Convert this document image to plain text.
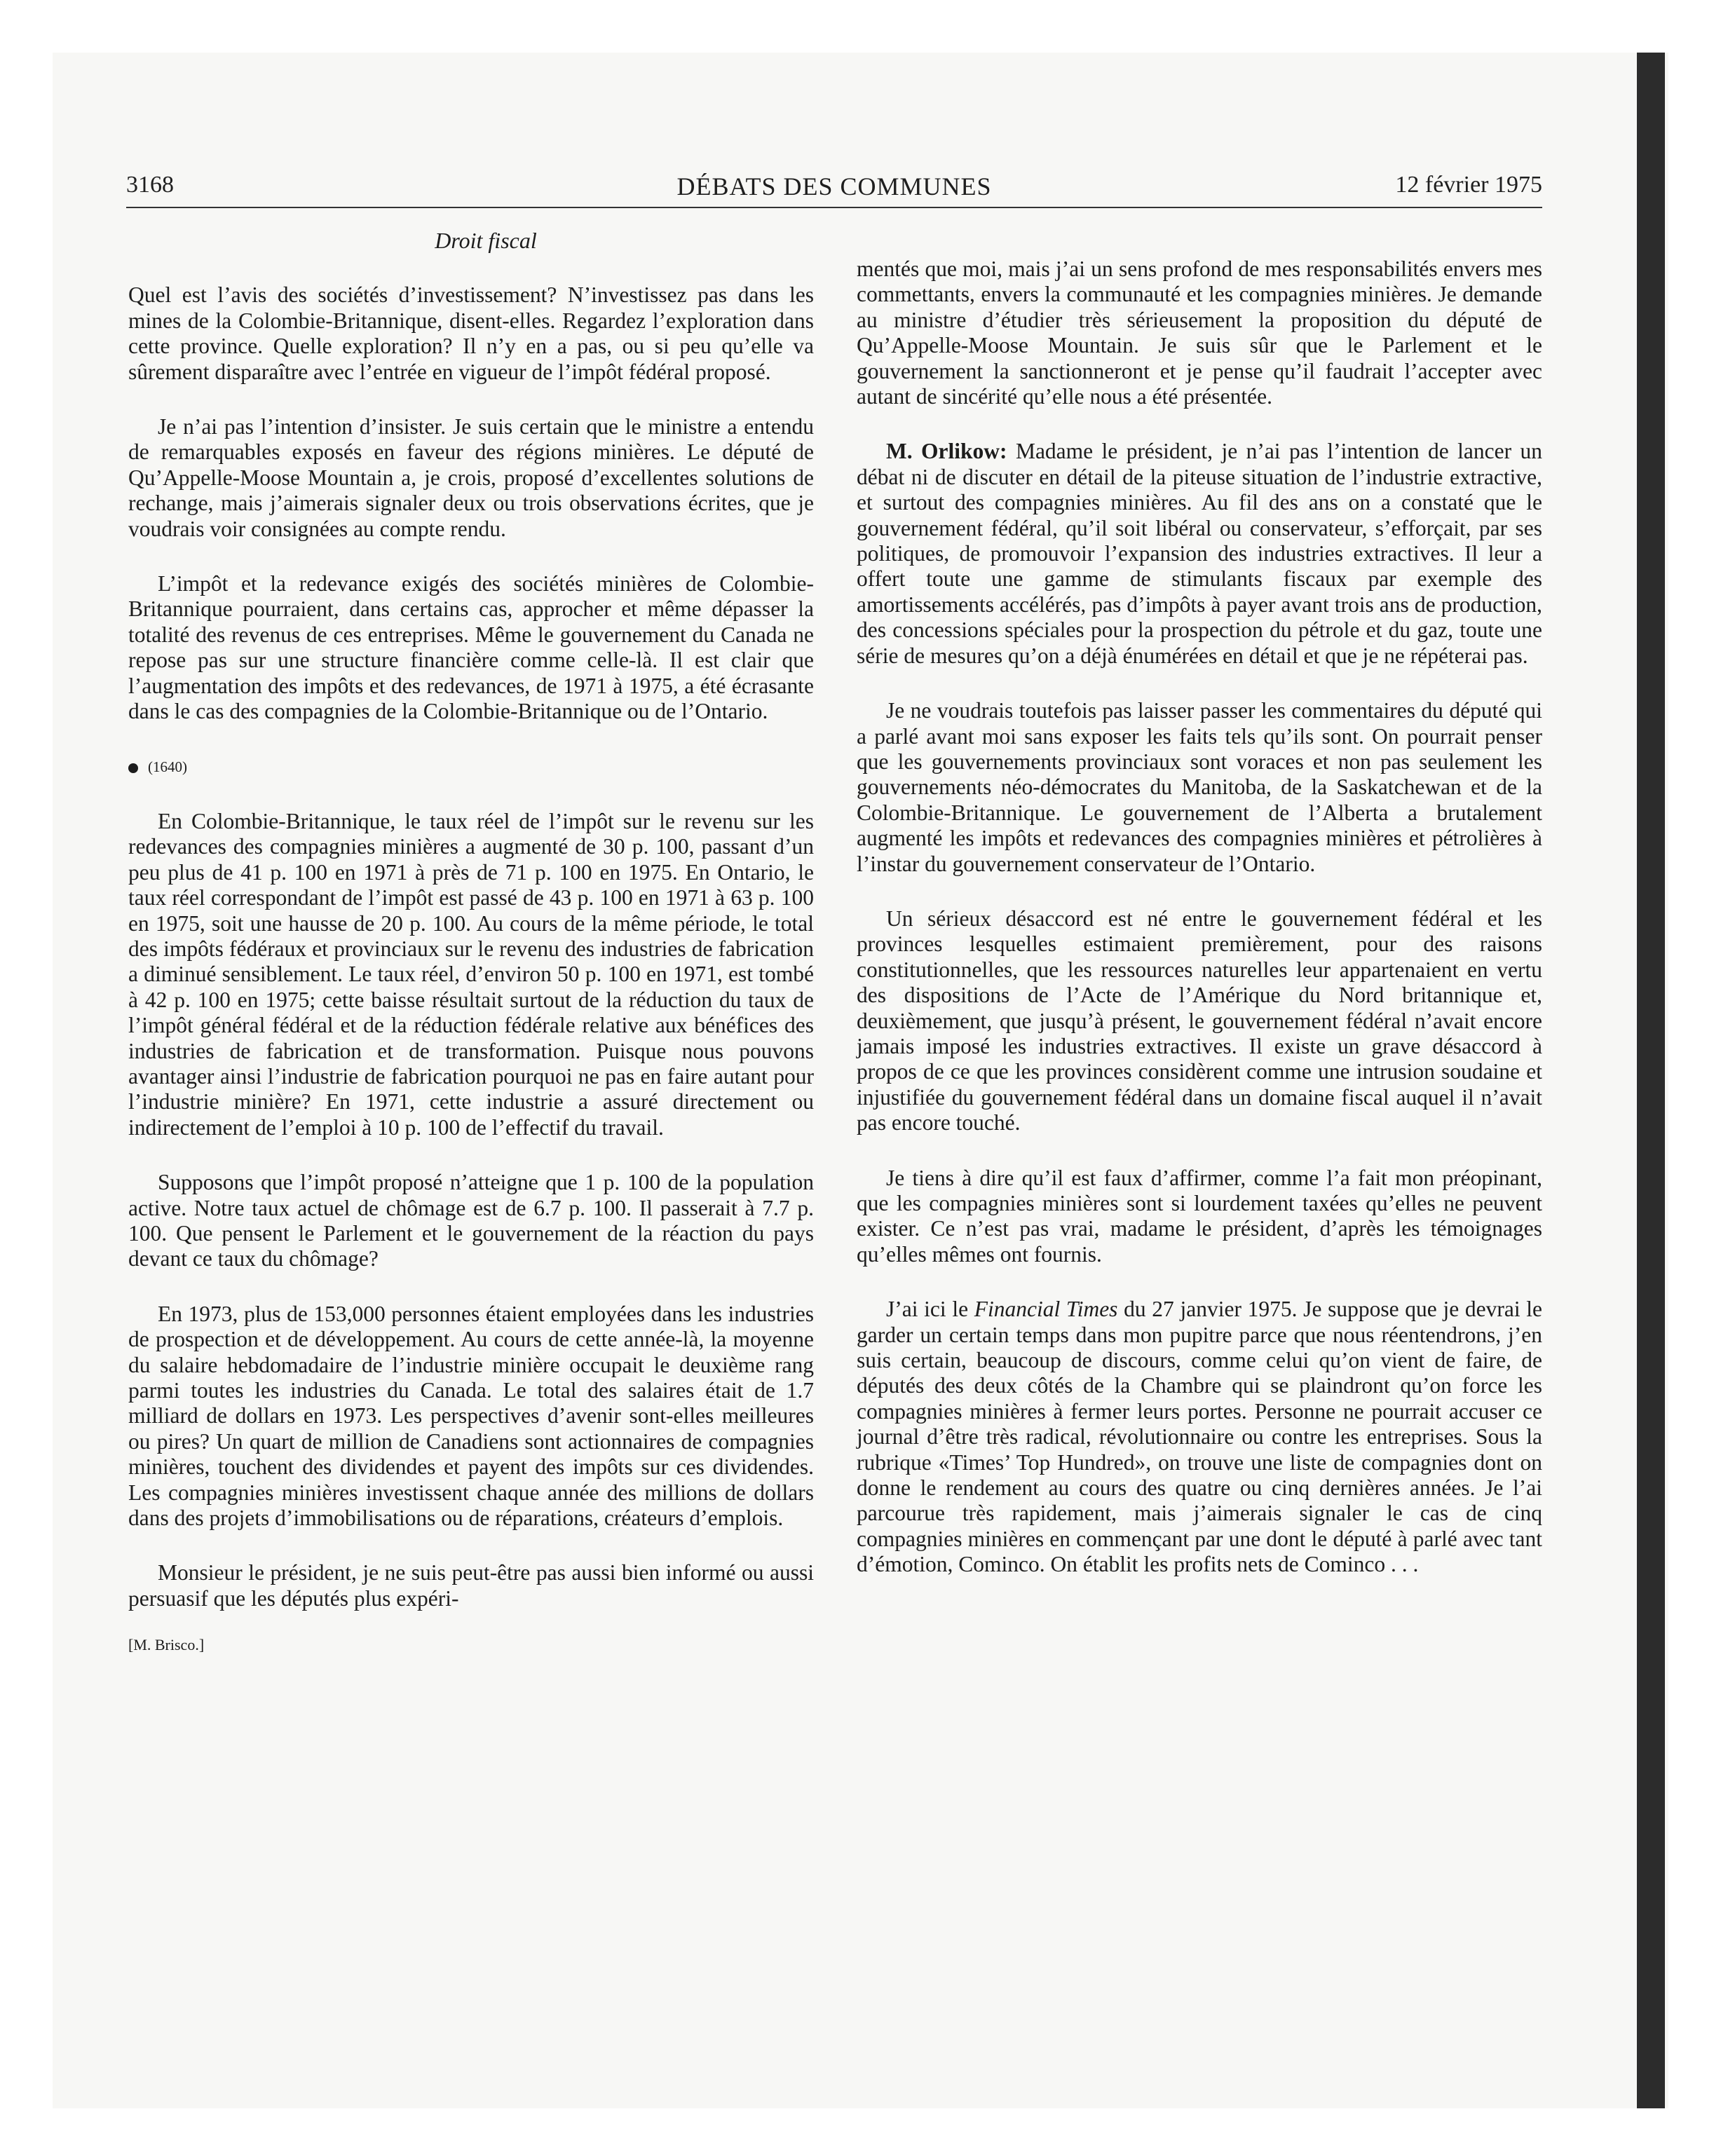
3168	DÉBATS DES COMMUNES	12 février 1975

Droit fiscal

Quel est l’avis des sociétés d’investissement? N’investissez pas dans les mines de la Colombie-Britannique, disent-elles. Regardez l’exploration dans cette province. Quelle exploration? Il n’y en a pas, ou si peu qu’elle va sûrement disparaître avec l’entrée en vigueur de l’impôt fédéral proposé.

Je n’ai pas l’intention d’insister. Je suis certain que le ministre a entendu de remarquables exposés en faveur des régions minières. Le député de Qu’Appelle-Moose Mountain a, je crois, proposé d’excellentes solutions de rechange, mais j’aimerais signaler deux ou trois observations écrites, que je voudrais voir consignées au compte rendu.

L’impôt et la redevance exigés des sociétés minières de Colombie-Britannique pourraient, dans certains cas, approcher et même dépasser la totalité des revenus de ces entreprises. Même le gouvernement du Canada ne repose pas sur une structure financière comme celle-là. Il est clair que l’augmentation des impôts et des redevances, de 1971 à 1975, a été écrasante dans le cas des compagnies de la Colombie-Britannique ou de l’Ontario.

(1640)

En Colombie-Britannique, le taux réel de l’impôt sur le revenu sur les redevances des compagnies minières a augmenté de 30 p. 100, passant d’un peu plus de 41 p. 100 en 1971 à près de 71 p. 100 en 1975. En Ontario, le taux réel correspondant de l’impôt est passé de 43 p. 100 en 1971 à 63 p. 100 en 1975, soit une hausse de 20 p. 100. Au cours de la même période, le total des impôts fédéraux et provinciaux sur le revenu des industries de fabrication a diminué sensiblement. Le taux réel, d’environ 50 p. 100 en 1971, est tombé à 42 p. 100 en 1975; cette baisse résultait surtout de la réduction du taux de l’impôt général fédéral et de la réduction fédérale relative aux bénéfices des industries de fabrication et de transformation. Puisque nous pouvons avantager ainsi l’industrie de fabrication pourquoi ne pas en faire autant pour l’industrie minière? En 1971, cette industrie a assuré directement ou indirectement de l’emploi à 10 p. 100 de l’effectif du travail.

Supposons que l’impôt proposé n’atteigne que 1 p. 100 de la population active. Notre taux actuel de chômage est de 6.7 p. 100. Il passerait à 7.7 p. 100. Que pensent le Parlement et le gouvernement de la réaction du pays devant ce taux du chômage?

En 1973, plus de 153,000 personnes étaient employées dans les industries de prospection et de développement. Au cours de cette année-là, la moyenne du salaire hebdomadaire de l’industrie minière occupait le deuxième rang parmi toutes les industries du Canada. Le total des salaires était de 1.7 milliard de dollars en 1973. Les perspectives d’avenir sont-elles meilleures ou pires? Un quart de million de Canadiens sont actionnaires de compagnies minières, touchent des dividendes et payent des impôts sur ces dividendes. Les compagnies minières investissent chaque année des millions de dollars dans des projets d’immobilisations ou de réparations, créateurs d’emplois.

Monsieur le président, je ne suis peut-être pas aussi bien informé ou aussi persuasif que les députés plus expéri-

[M. Brisco.]

mentés que moi, mais j’ai un sens profond de mes responsabilités envers mes commettants, envers la communauté et les compagnies minières. Je demande au ministre d’étudier très sérieusement la proposition du député de Qu’Appelle-Moose Mountain. Je suis sûr que le Parlement et le gouvernement la sanctionneront et je pense qu’il faudrait l’accepter avec autant de sincérité qu’elle nous a été présentée.

M. Orlikow: Madame le président, je n’ai pas l’intention de lancer un débat ni de discuter en détail de la piteuse situation de l’industrie extractive, et surtout des compagnies minières. Au fil des ans on a constaté que le gouvernement fédéral, qu’il soit libéral ou conservateur, s’efforçait, par ses politiques, de promouvoir l’expansion des industries extractives. Il leur a offert toute une gamme de stimulants fiscaux par exemple des amortissements accélérés, pas d’impôts à payer avant trois ans de production, des concessions spéciales pour la prospection du pétrole et du gaz, toute une série de mesures qu’on a déjà énumérées en détail et que je ne répéterai pas.

Je ne voudrais toutefois pas laisser passer les commentaires du député qui a parlé avant moi sans exposer les faits tels qu’ils sont. On pourrait penser que les gouvernements provinciaux sont voraces et non pas seulement les gouvernements néo-démocrates du Manitoba, de la Saskatchewan et de la Colombie-Britannique. Le gouvernement de l’Alberta a brutalement augmenté les impôts et redevances des compagnies minières et pétrolières à l’instar du gouvernement conservateur de l’Ontario.

Un sérieux désaccord est né entre le gouvernement fédéral et les provinces lesquelles estimaient premièrement, pour des raisons constitutionnelles, que les ressources naturelles leur appartenaient en vertu des dispositions de l’Acte de l’Amérique du Nord britannique et, deuxièmement, que jusqu’à présent, le gouvernement fédéral n’avait encore jamais imposé les industries extractives. Il existe un grave désaccord à propos de ce que les provinces considèrent comme une intrusion soudaine et injustifiée du gouvernement fédéral dans un domaine fiscal auquel il n’avait pas encore touché.

Je tiens à dire qu’il est faux d’affirmer, comme l’a fait mon préopinant, que les compagnies minières sont si lourdement taxées qu’elles ne peuvent exister. Ce n’est pas vrai, madame le président, d’après les témoignages qu’elles mêmes ont fournis.

J’ai ici le Financial Times du 27 janvier 1975. Je suppose que je devrai le garder un certain temps dans mon pupitre parce que nous réentendrons, j’en suis certain, beaucoup de discours, comme celui qu’on vient de faire, de députés des deux côtés de la Chambre qui se plaindront qu’on force les compagnies minières à fermer leurs portes. Personne ne pourrait accuser ce journal d’être très radical, révolutionnaire ou contre les entreprises. Sous la rubrique «Times’ Top Hundred», on trouve une liste de compagnies dont on donne le rendement au cours des quatre ou cinq dernières années. Je l’ai parcourue très rapidement, mais j’aimerais signaler le cas de cinq compagnies minières en commençant par une dont le député à parlé avec tant d’émotion, Cominco. On établit les profits nets de Cominco . . .
